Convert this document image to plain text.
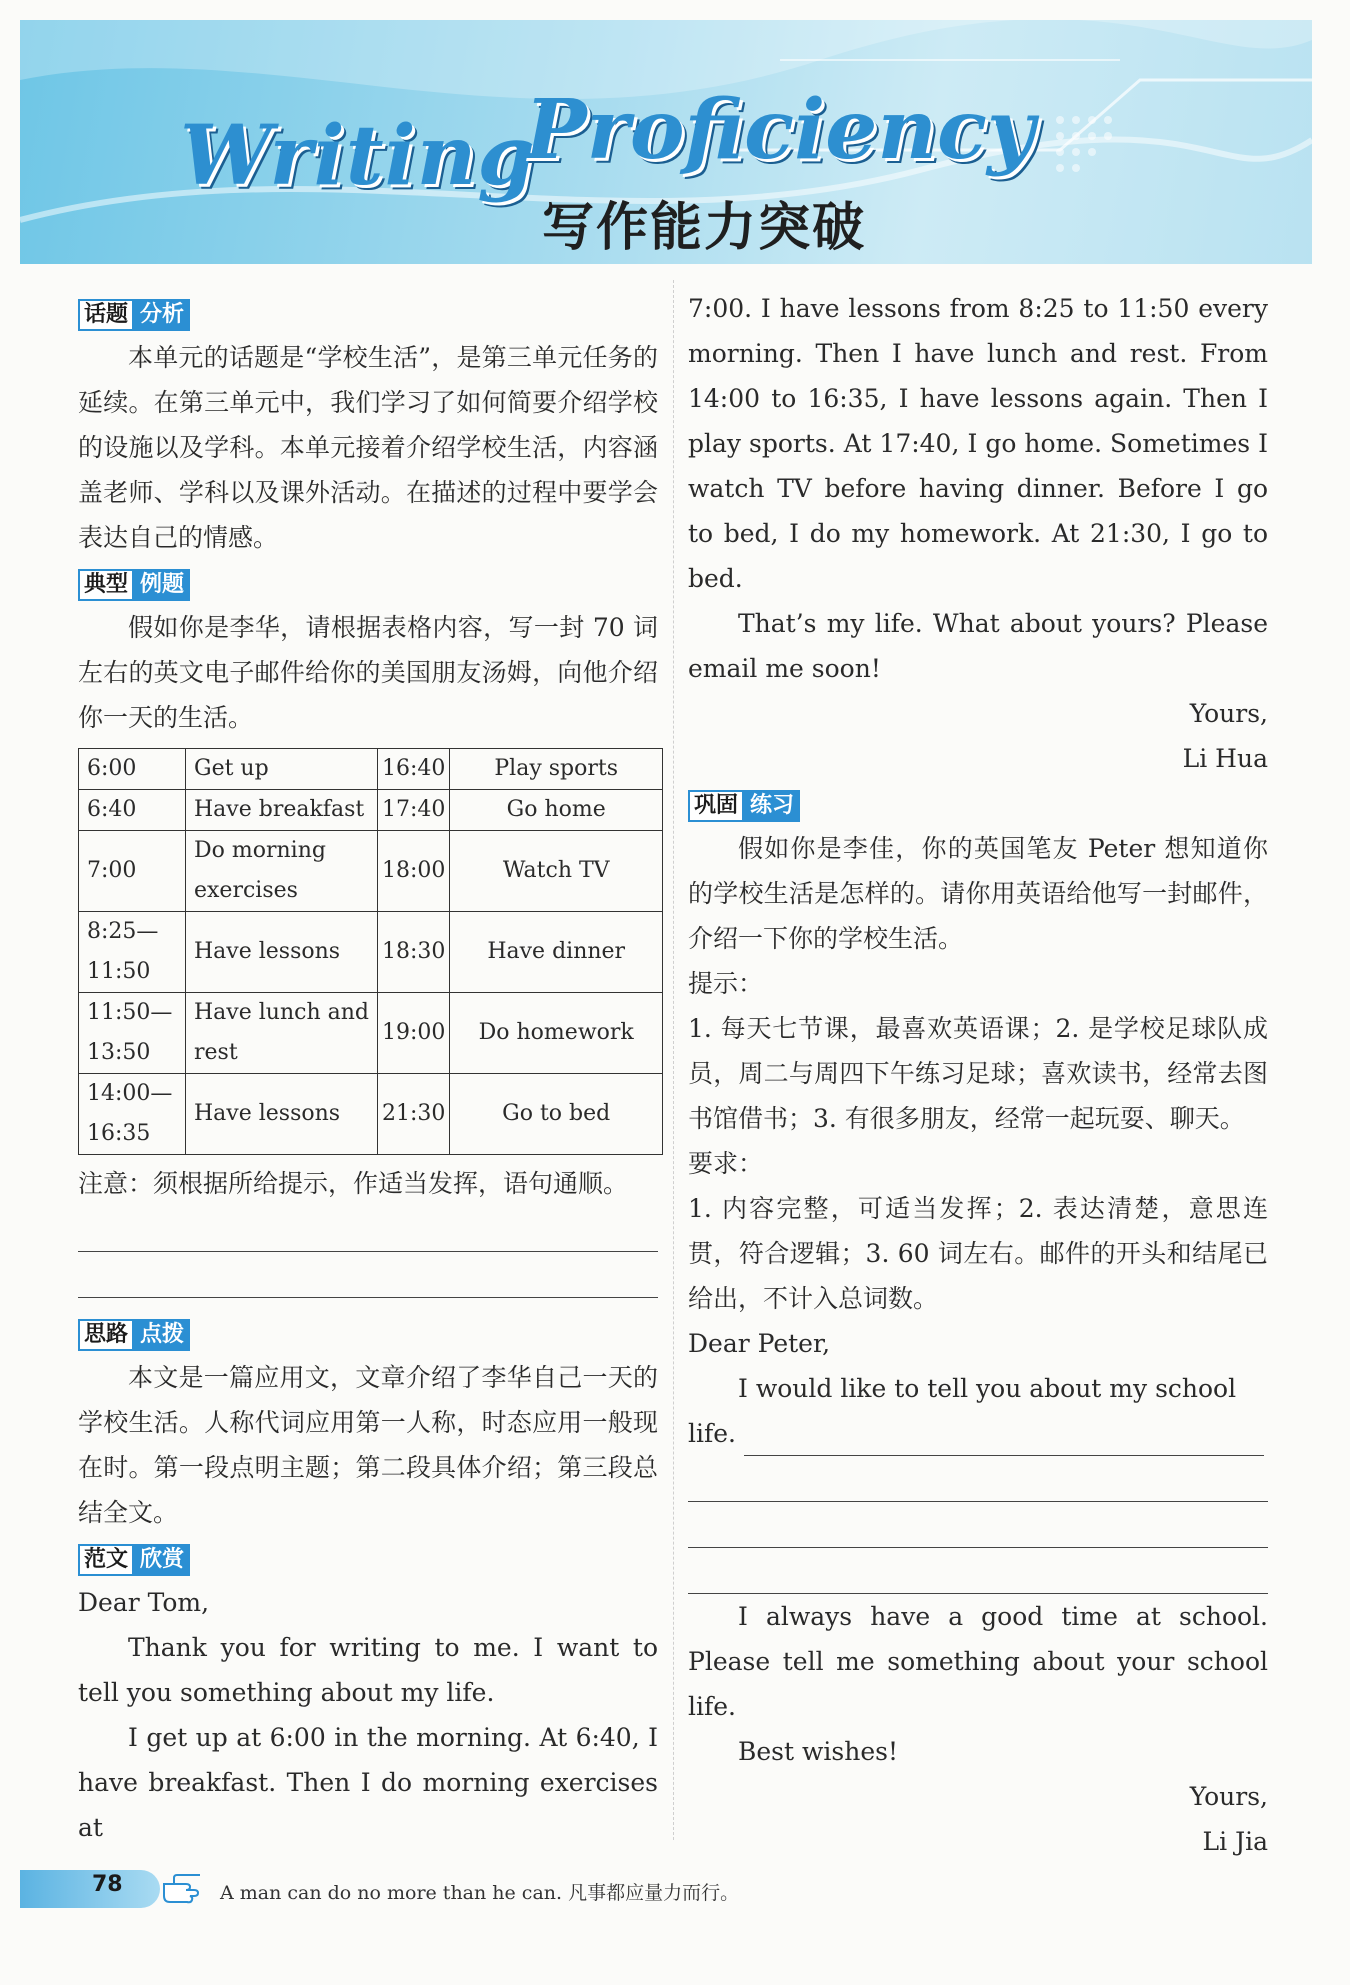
Writing
Proficiency
写作能力突破
话题 分析

本单元的话题是“学校生活”，是第三单元任务的延续。在第三单元中，我们学习了如何简要介绍学校的设施以及学科。本单元接着介绍学校生活，内容涵盖老师、学科以及课外活动。在描述的过程中要学会表达自己的情感。

典型 例题

假如你是李华，请根据表格内容，写一封 70 词左右的英文电子邮件给你的美国朋友汤姆，向他介绍你一天的生活。

6:00	Get up	16:40	Play sports
6:40	Have breakfast	17:40	Go home
7:00	Do morning exercises	18:00	Watch TV
8:25—11:50	Have lessons	18:30	Have dinner
11:50—13:50	Have lunch and rest	19:00	Do homework
14:00—16:35	Have lessons	21:30	Go to bed

注意：须根据所给提示，作适当发挥，语句通顺。

思路 点拨

本文是一篇应用文，文章介绍了李华自己一天的学校生活。人称代词应用第一人称，时态应用一般现在时。第一段点明主题；第二段具体介绍；第三段总结全文。

范文 欣赏

Dear Tom,

Thank you for writing to me. I want to tell you something about my life.

I get up at 6:00 in the morning. At 6:40, I have breakfast. Then I do morning exercises at

7:00. I have lessons from 8:25 to 11:50 every morning. Then I have lunch and rest. From 14:00 to 16:35, I have lessons again. Then I play sports. At 17:40, I go home. Sometimes I watch TV before having dinner. Before I go to bed, I do my homework. At 21:30, I go to bed.

That’s my life. What about yours? Please email me soon!

Yours,

Li Hua

巩固 练习

假如你是李佳，你的英国笔友 Peter 想知道你的学校生活是怎样的。请你用英语给他写一封邮件，介绍一下你的学校生活。

提示：

1. 每天七节课，最喜欢英语课；2. 是学校足球队成员，周二与周四下午练习足球；喜欢读书，经常去图书馆借书；3. 有很多朋友，经常一起玩耍、聊天。

要求：

1. 内容完整，可适当发挥；2. 表达清楚，意思连贯，符合逻辑；3. 60 词左右。邮件的开头和结尾已给出，不计入总词数。

Dear Peter,

I would like to tell you about my school

life.

I always have a good time at school. Please tell me something about your school life.

Best wishes!

Yours,

Li Jia

78	A man can do no more than he can. 凡事都应量力而行。
